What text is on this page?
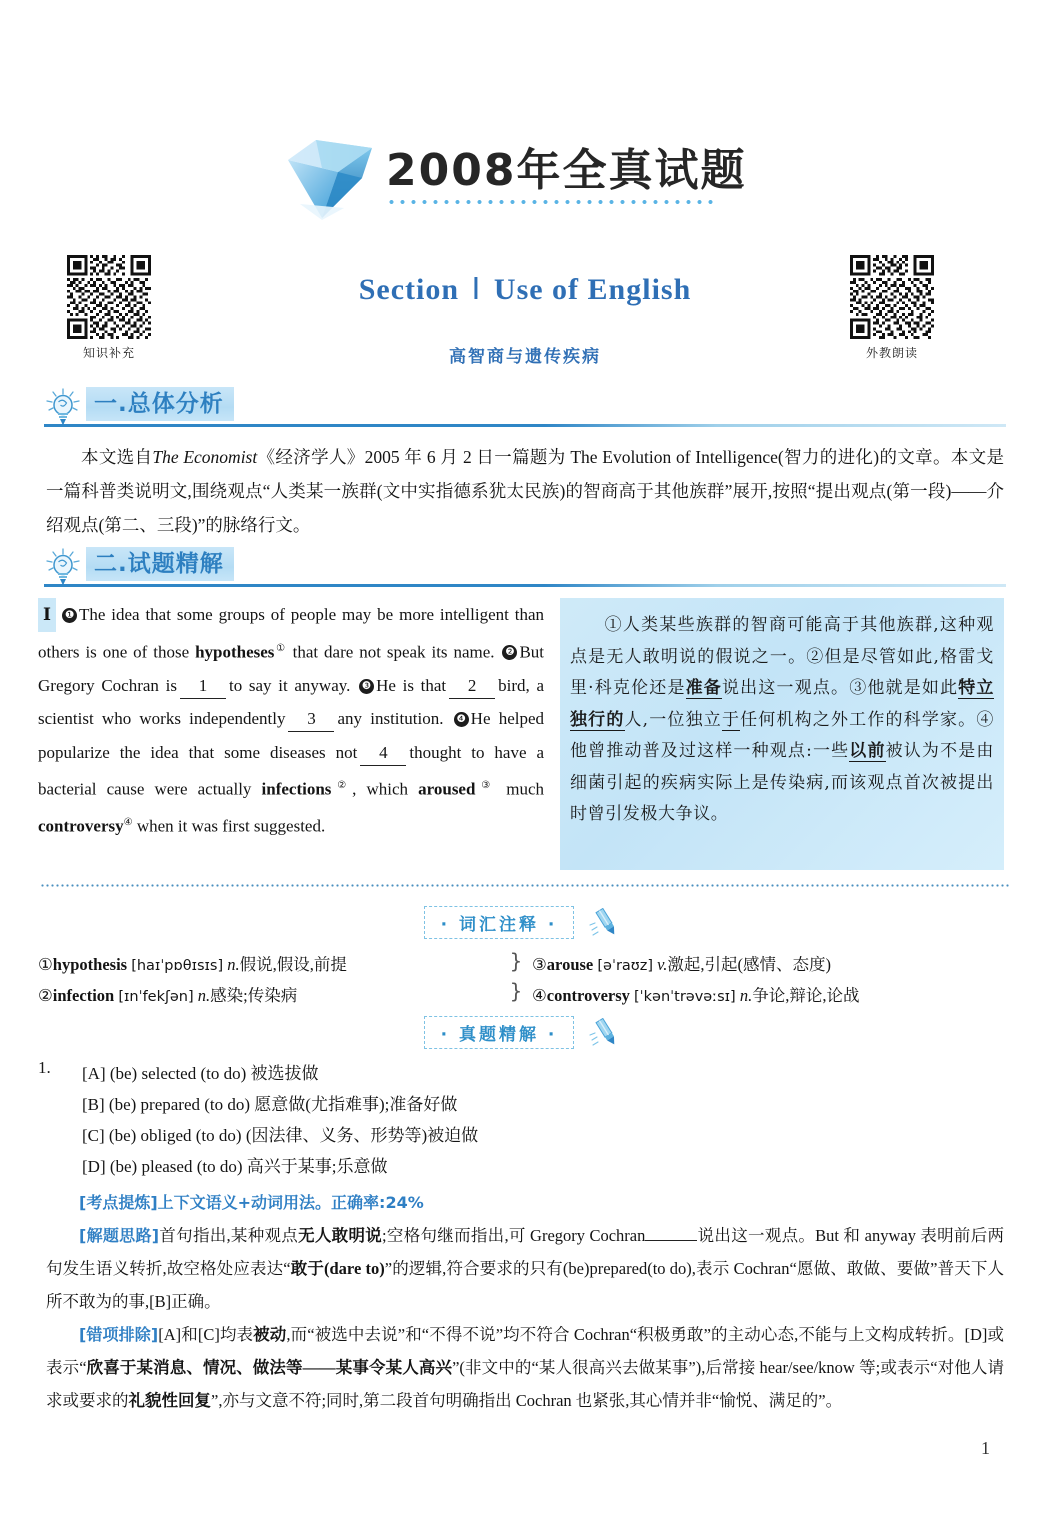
2008年全真试题
知识补充	外教朗读
Section Ⅰ Use of English
高智商与遗传疾病
一.总体分析
本文选自The Economist《经济学人》2005 年 6 月 2 日一篇题为 The Evolution of Intelligence(智力的进化)的文章。本文是一篇科普类说明文,围绕观点“人类某一族群(文中实指德系犹太民族)的智商高于其他族群”展开,按照“提出观点(第一段)——介绍观点(第二、三段)”的脉络行文。
二.试题精解
Ⅰ ❶ The idea that some groups of people may be more intelligent than others is one of those hypotheses① that dare not speak its name. ❷ But Gregory Cochran is 1 to say it anyway. ❸ He is that 2 bird, a scientist who works independently 3 any institution. ❹ He helped popularize the idea that some diseases not 4 thought to have a bacterial cause were actually infections②, which aroused③ much controversy④ when it was first suggested.
①人类某些族群的智商可能高于其他族群,这种观点是无人敢明说的假说之一。②但是尽管如此,格雷戈里·科克伦还是准备说出这一观点。③他就是如此特立独行的人,一位独立于任何机构之外工作的科学家。④他曾推动普及过这样一种观点:一些以前被认为不是由细菌引起的疾病实际上是传染病,而该观点首次被提出时曾引发极大争议。
· 词汇注释 ·
①hypothesis [haɪˈpɒθɪsɪs] n.假说,假设,前提
②infection [ɪnˈfekʃən] n.感染;传染病
}
}
③arouse [əˈraʊz] v.激起,引起(感情、态度)
④controversy [ˈkənˈtrəvəːsɪ] n.争论,辩论,论战
· 真题精解 ·
1. [A] (be) selected (to do) 被选拔做
[B] (be) prepared (to do) 愿意做(尤指难事);准备好做
[C] (be) obliged (to do) (因法律、义务、形势等)被迫做
[D] (be) pleased (to do) 高兴于某事;乐意做
[考点提炼]上下文语义+动词用法。正确率:24%
[解题思路]首句指出,某种观点无人敢明说;空格句继而指出,可 Gregory Cochran	说出这一观点。But 和 anyway 表明前后两句发生语义转折,故空格处应表达“敢于(dare to)”的逻辑,符合要求的只有(be)prepared(to do),表示 Cochran“愿做、敢做、要做”普天下人所不敢为的事,[B]正确。
[错项排除][A]和[C]均表被动,而“被选中去说”和“不得不说”均不符合 Cochran“积极勇敢”的主动心态,不能与上文构成转折。[D]或表示“欣喜于某消息、情况、做法等——某事令某人高兴”(非文中的“某人很高兴去做某事”),后常接 hear/see/know 等;或表示“对他人请求或要求的礼貌性回复”,亦与文意不符;同时,第二段首句明确指出 Cochran 也紧张,其心情并非“愉悦、满足的”。
1
